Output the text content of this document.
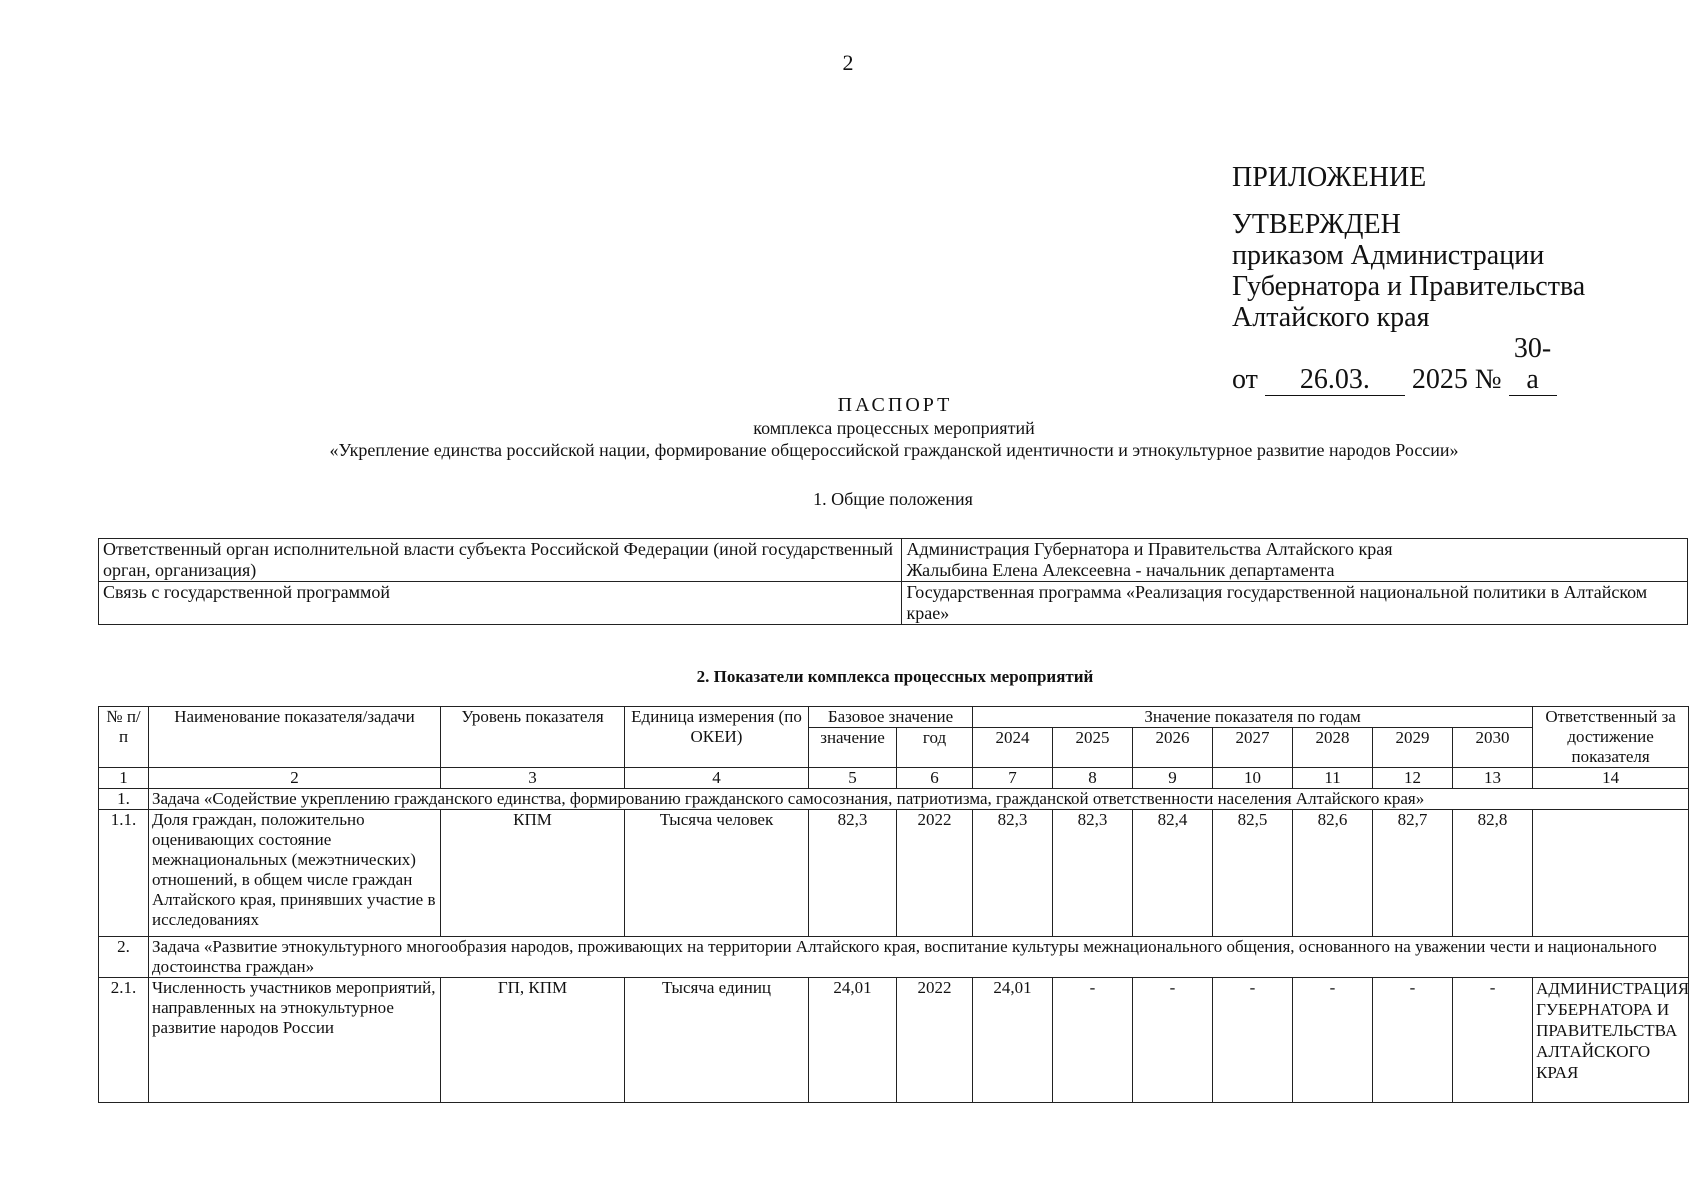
2
ПРИЛОЖЕНИЕ
УТВЕРЖДЕН
приказом Администрации
Губернатора и Правительства
Алтайского края
от 26.03. 2025 № 30-а
ПАСПОРТ
комплекса процессных мероприятий
«Укрепление единства российской нации, формирование общероссийской гражданской идентичности и этнокультурное развитие народов России»
1. Общие положения
Ответственный орган исполнительной власти субъекта Российской Федерации (иной государственный орган, организация)	Администрация Губернатора и Правительства Алтайского края
Жалыбина Елена Алексеевна - начальник департамента

Связь с государственной программой	Государственная программа «Реализация государственной национальной политики в Алтайском крае»
2. Показатели комплекса процессных мероприятий
№ п/п	Наименование показателя/задачи	Уровень показателя	Единица измерения (по ОКЕИ)	Базовое значение		Значение показателя по годам							Ответственный за достижение показателя
				значение	год	2024	2025	2026	2027	2028	2029	2030	
1	2	3	4	5	6	7	8	9	10	11	12	13	14
1.	Задача «Содействие укреплению гражданского единства, формированию гражданского самосознания, патриотизма, гражданской ответственности населения Алтайского края»												
1.1.	Доля граждан, положительно оценивающих состояние межнациональных (межэтнических) отношений, в общем числе граждан Алтайского края, принявших участие в исследованиях	КПМ	Тысяча человек	82,3	2022	82,3	82,3	82,4	82,5	82,6	82,7	82,8	
2.	Задача «Развитие этнокультурного многообразия народов, проживающих на территории Алтайского края, воспитание культуры межнационального общения, основанного на уважении чести и национального достоинства граждан»												
2.1.	Численность участников мероприятий, направленных на этнокультурное развитие народов России	ГП, КПМ	Тысяча единиц	24,01	2022	24,01	-	-	-	-	-	-	АДМИНИСТРАЦИЯ ГУБЕРНАТОРА И ПРАВИТЕЛЬСТВА АЛТАЙСКОГО КРАЯ
